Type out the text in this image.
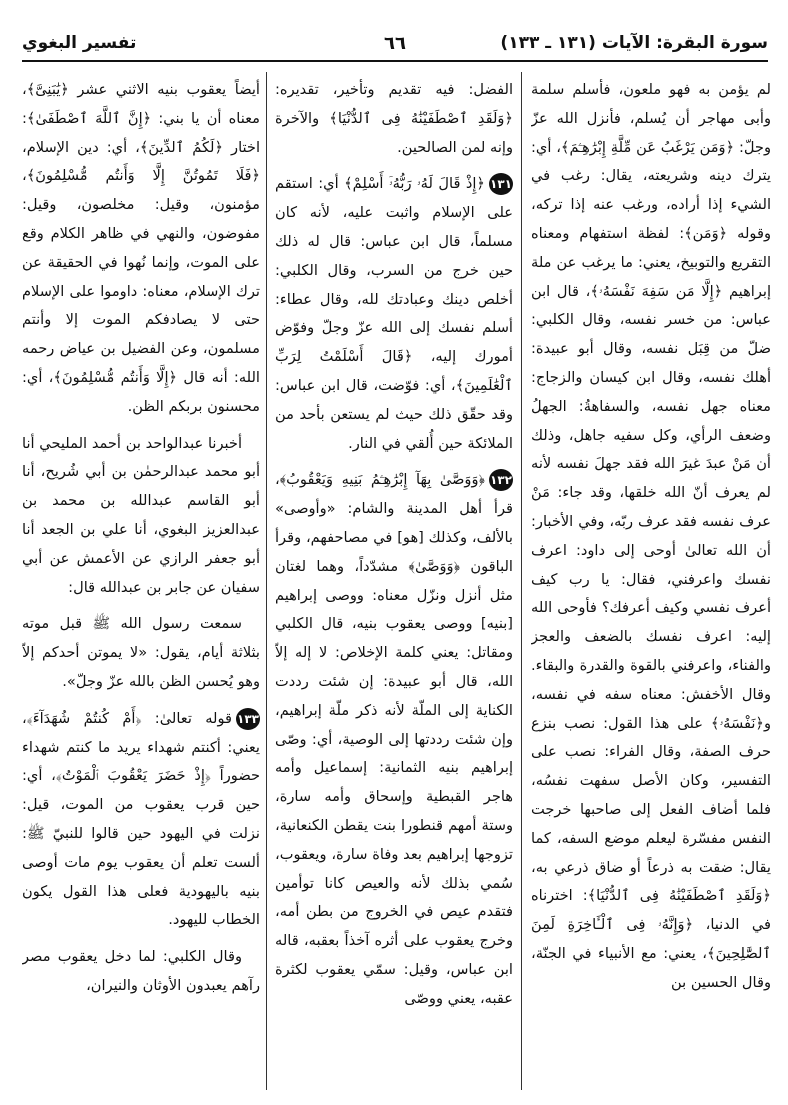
سورة البقرة: الآيات (١٣١ ـ ١٣٣)
٦٦
تفسير البغوي

لم يؤمن به فهو ملعون، فأسلم سلمة وأبى مهاجر أن يُسلم، فأنزل الله عزّ وجلّ: ﴿وَمَن يَرْغَبُ عَن مِّلَّةِ إِبْرَٰهِـۧمَ﴾، أي: يترك دينه وشريعته، يقال: رغب في الشيء إذا أراده، ورغب عنه إذا تركه، وقوله ﴿وَمَن﴾: لفظة استفهام ومعناه التقريع والتوبيخ، يعني: ما يرغب عن ملة إبراهيم ﴿إِلَّا مَن سَفِهَ نَفْسَهُۥ﴾، قال ابن عباس: من خسر نفسه، وقال الكلبي: ضلّ من قِبَل نفسه، وقال أبو عبيدة: أهلك نفسه، وقال ابن كيسان والزجاج: معناه جهل نفسه، والسفاهةُ: الجهلُ وضعف الرأي، وكل سفيه جاهل، وذلك أن مَنْ عبدَ غيرَ الله فقد جهلَ نفسه لأنه لم يعرف أنّ الله خلقها، وقد جاء: مَنْ عرف نفسه فقد عرف ربّه، وفي الأخبار: أن الله تعالىٰ أوحى إلى داود: اعرف نفسك واعرفني، فقال: يا رب كيف أعرف نفسي وكيف أعرفك؟ فأوحى الله إليه: اعرف نفسك بالضعف والعجز والفناء، واعرفني بالقوة والقدرة والبقاء. وقال الأخفش: معناه سفه في نفسه، و﴿نَفْسَهُۥ﴾ على هذا القول: نصب بنزع حرف الصفة، وقال الفراء: نصب على التفسير، وكان الأصل سفهت نفسُه، فلما أضاف الفعل إلى صاحبها خرجت النفس مفسّرة ليعلم موضع السفه، كما يقال: ضقت به ذرعاً أو ضاق ذرعي به، ﴿وَلَقَدِ ٱصْطَفَيْنَٰهُ فِى ٱلدُّنْيَا﴾: اخترناه في الدنيا، ﴿وَإِنَّهُۥ فِى ٱلْـَٔاخِرَةِ لَمِنَ ٱلصَّٰلِحِينَ﴾، يعني: مع الأنبياء في الجنّة، وقال الحسين بن

الفضل: فيه تقديم وتأخير، تقديره: ﴿وَلَقَدِ ٱصْطَفَيْنَٰهُ فِى ٱلدُّنْيَا﴾ والآخرة وإنه لمن الصالحين.

١٣١﴿إِذْ قَالَ لَهُۥ رَبُّهُۥٓ أَسْلِمْ﴾ أي: استقم على الإسلام واثبت عليه، لأنه كان مسلماً، قال ابن عباس: قال له ذلك حين خرج من السرب، وقال الكلبي: أخلص دينك وعبادتك لله، وقال عطاء: أسلم نفسك إلى الله عزّ وجلّ وفوّض أمورك إليه، ﴿قَالَ أَسْلَمْتُ لِرَبِّ ٱلْعَٰلَمِينَ﴾، أي: فوّضت، قال ابن عباس: وقد حقّق ذلك حيث لم يستعن بأحد من الملائكة حين أُلقي في النار.

١٣٢﴿وَوَصَّىٰ بِهَآ إِبْرَٰهِـۧمُ بَنِيهِ وَيَعْقُوبُ﴾، قرأ أهل المدينة والشام: «وأوصى» بالألف، وكذلك [هو] في مصاحفهم، وقرأ الباقون ﴿وَوَصَّىٰ﴾ مشدّداً، وهما لغتان مثل أنزل ونزّل معناه: ووصى إبراهيم [بنيه] ووصى يعقوب بنيه، قال الكلبي ومقاتل: يعني كلمة الإخلاص: لا إله إلاّ الله، قال أبو عبيدة: إن شئت رددت الكناية إلى الملّة لأنه ذكر ملّة إبراهيم، وإن شئت رددتها إلى الوصية، أي: وصّى إبراهيم بنيه الثمانية: إسماعيل وأمه هاجر القبطية وإسحاق وأمه سارة، وستة أمهم قنطورا بنت يقطن الكنعانية، تزوجها إبراهيم بعد وفاة سارة، ويعقوب، سُمي بذلك لأنه والعيص كانا توأمين فتقدم عيص في الخروج من بطن أمه، وخرج يعقوب على أثره آخذاً بعقبه، قاله ابن عباس، وقيل: سمّي يعقوب لكثرة عقبه، يعني ووصّى

أيضاً يعقوب بنيه الاثني عشر ﴿يَٰبَنِىَّ﴾، معناه أن يا بني: ﴿إِنَّ ٱللَّهَ ٱصْطَفَىٰ﴾: اختار ﴿لَكُمُ ٱلدِّينَ﴾، أي: دين الإسلام، ﴿فَلَا تَمُوتُنَّ إِلَّا وَأَنتُم مُّسْلِمُونَ﴾، مؤمنون، وقيل: مخلصون، وقيل: مفوضون، والنهي في ظاهر الكلام وقع على الموت، وإنما نُهوا في الحقيقة عن ترك الإسلام، معناه: داوموا على الإسلام حتى لا يصادفكم الموت إلا وأنتم مسلمون، وعن الفضيل بن عياض رحمه الله: أنه قال ﴿إِلَّا وَأَنتُم مُّسْلِمُونَ﴾، أي: محسنون بربكم الظن.

أخبرنا عبدالواحد بن أحمد المليحي أنا أبو محمد عبدالرحمٰن بن أبي شُريح، أنا أبو القاسم عبدالله بن محمد بن عبدالعزيز البغوي، أنا علي بن الجعد أنا أبو جعفر الرازي عن الأعمش عن أبي سفيان عن جابر بن عبدالله قال:

سمعت رسول الله ﷺ قبل موته بثلاثة أيام، يقول: «لا يموتن أحدكم إلاّ وهو يُحسن الظن بالله عزّ وجلّ».

١٣٣قوله تعالىٰ: ﴿أَمْ كُنتُمْ شُهَدَآءَ﴾، يعني: أكنتم شهداء يريد ما كنتم شهداء حضوراً ﴿إِذْ حَضَرَ يَعْقُوبَ ٱلْمَوْتُ﴾، أي: حين قرب يعقوب من الموت، قيل: نزلت في اليهود حين قالوا للنبيّ ﷺ: ألست تعلم أن يعقوب يوم مات أوصى بنيه باليهودية فعلى هذا القول يكون الخطاب لليهود.

وقال الكلبي: لما دخل يعقوب مصر رآهم يعبدون الأوثان والنيران،
